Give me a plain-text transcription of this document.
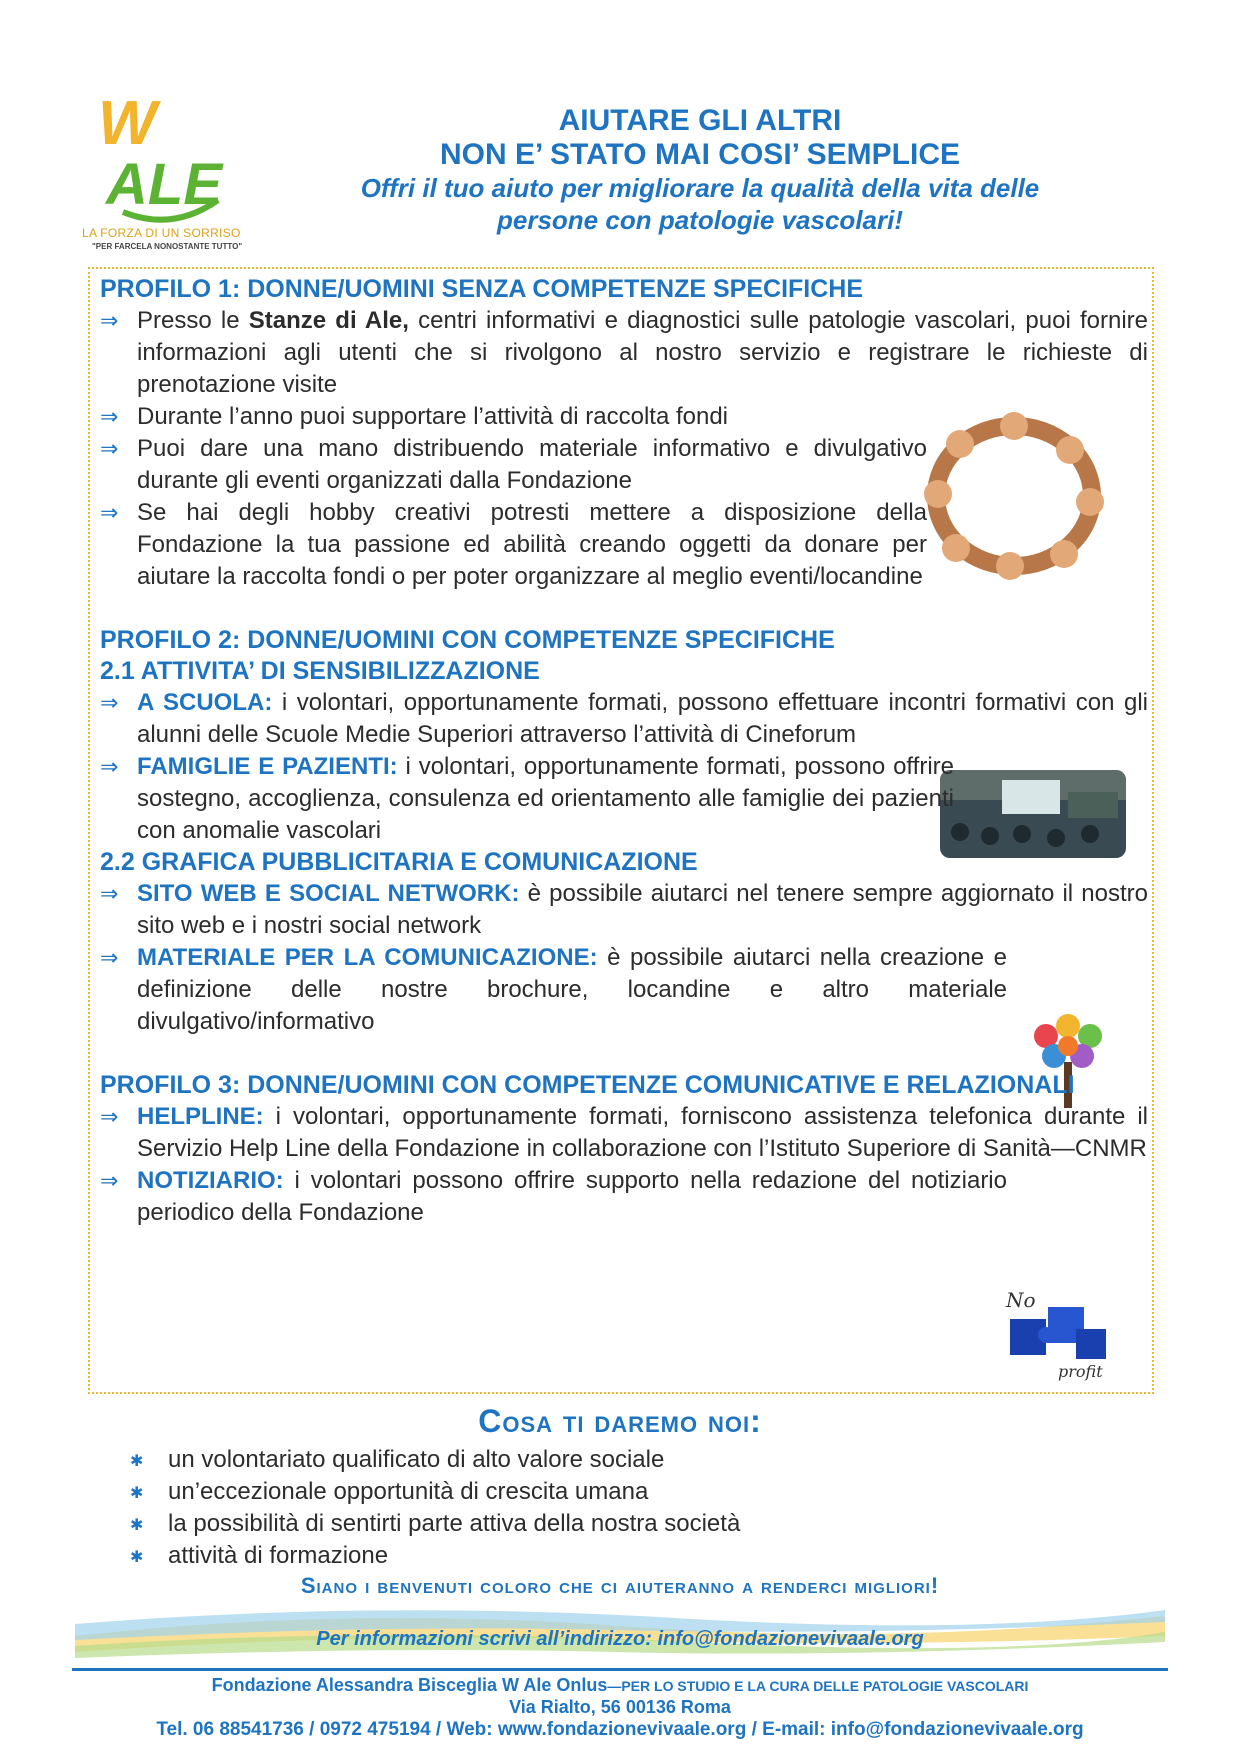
W
ALE
LA FORZA DI UN SORRISO
"PER FARCELA NONOSTANTE TUTTO"
AIUTARE GLI ALTRI
NON E’ STATO MAI COSI’ SEMPLICE
Offri il tuo aiuto per migliorare la qualità della vita delle
persone con patologie vascolari!
No
profit
PROFILO 1: DONNE/UOMINI SENZA COMPETENZE SPECIFICHE
⇒ Presso le Stanze di Ale, centri informativi e diagnostici sulle patologie vascolari, puoi fornire informazioni agli utenti che si rivolgono al nostro servizio e registrare le richieste di prenotazione visite
⇒ Durante l’anno puoi supportare l’attività di raccolta fondi
⇒ Puoi dare una mano distribuendo materiale informativo e divulgativo durante gli eventi organizzati dalla Fondazione
⇒ Se hai degli hobby creativi potresti mettere a disposizione della Fondazione la tua passione ed abilità creando oggetti da donare per aiutare la raccolta fondi o per poter organizzare al meglio eventi/locandine
PROFILO 2: DONNE/UOMINI CON COMPETENZE SPECIFICHE
2.1 ATTIVITA’ DI SENSIBILIZZAZIONE
⇒ A SCUOLA: i volontari, opportunamente formati, possono effettuare incontri formativi con gli alunni delle Scuole Medie Superiori attraverso l’attività di Cineforum
⇒ FAMIGLIE E PAZIENTI: i volontari, opportunamente formati, possono offrire sostegno, accoglienza, consulenza ed orientamento alle famiglie dei pazienti con anomalie vascolari
2.2 GRAFICA PUBBLICITARIA E COMUNICAZIONE
⇒ SITO WEB E SOCIAL NETWORK: è possibile aiutarci nel tenere sempre aggiornato il nostro sito web e i nostri social network
⇒ MATERIALE PER LA COMUNICAZIONE: è possibile aiutarci nella creazione e definizione delle nostre brochure, locandine e altro materiale divulgativo/informativo
PROFILO 3: DONNE/UOMINI CON COMPETENZE COMUNICATIVE E RELAZIONALI
⇒ HELPLINE: i volontari, opportunamente formati, forniscono assistenza telefonica durante il Servizio Help Line della Fondazione in collaborazione con l’Istituto Superiore di Sanità—CNMR
⇒ NOTIZIARIO: i volontari possono offrire supporto nella redazione del notiziario periodico della Fondazione
Cosa ti daremo noi:
✱ un volontariato qualificato di alto valore sociale
✱ un’eccezionale opportunità di crescita umana
✱ la possibilità di sentirti parte attiva della nostra società
✱ attività di formazione
Siano i benvenuti coloro che ci aiuteranno a renderci migliori!
Per informazioni scrivi all’indirizzo: info@fondazionevivaale.org
Fondazione Alessandra Bisceglia W Ale Onlus—PER LO STUDIO E LA CURA DELLE PATOLOGIE VASCOLARI
Via Rialto, 56 00136 Roma
Tel. 06 88541736 / 0972 475194 / Web: www.fondazionevivaale.org / E-mail: info@fondazionevivaale.org
